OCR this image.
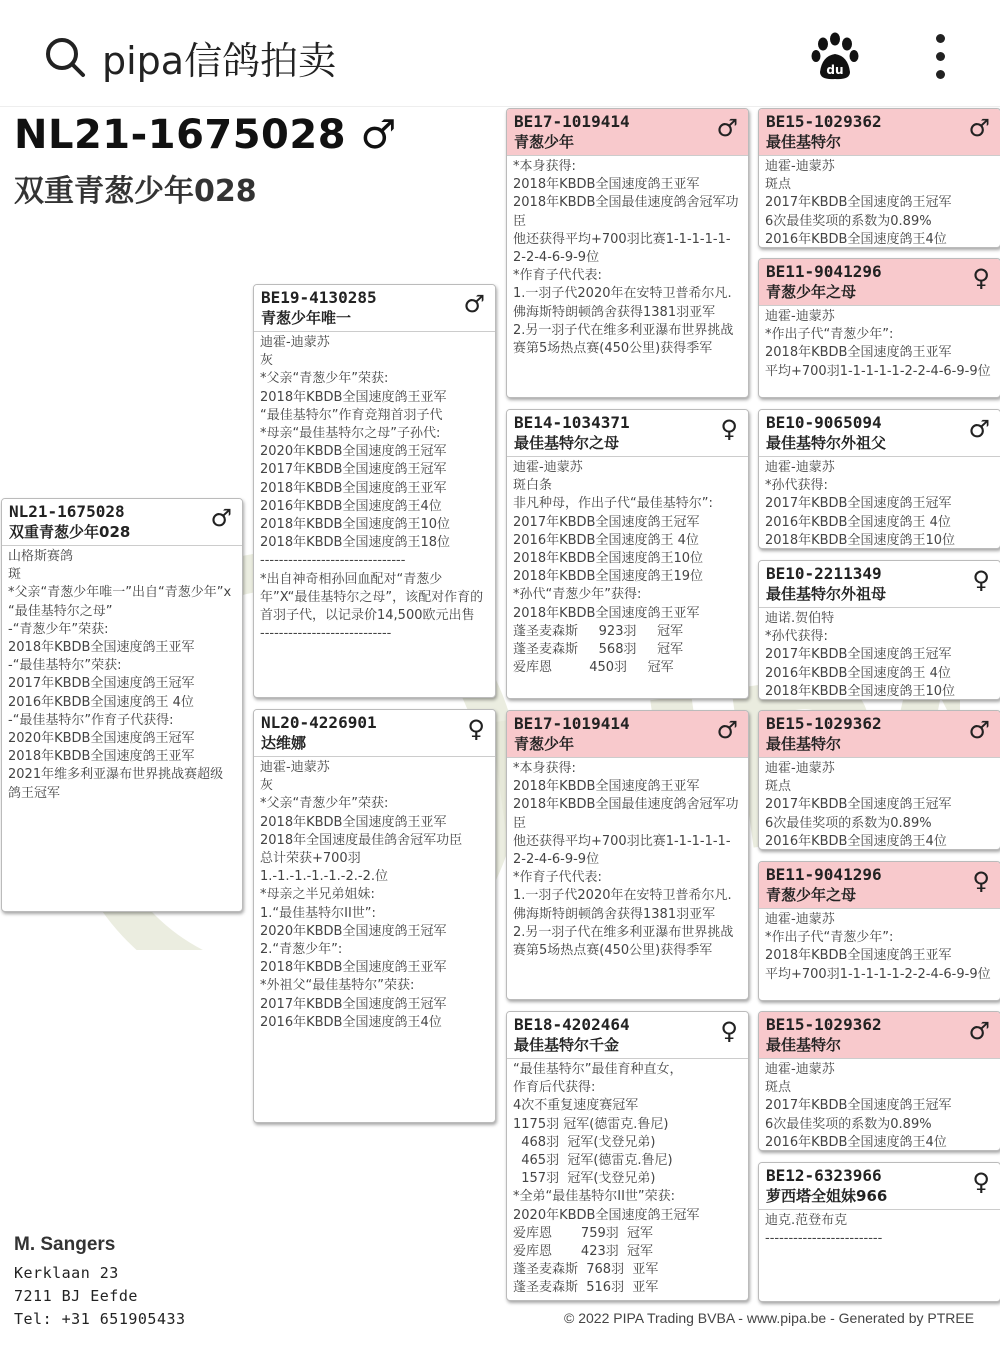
pipa信鸽拍卖	du
NL21-1675028 ♂
双重青葱少年028
NL21-1675028
双重青葱少年028	♂
山格斯赛鸽
斑
*父亲“青葱少年唯一”出自“青葱少年”x
“最佳基特尔之母”
-“青葱少年”荣获:
2018年KBDB全国速度鸽王亚军
-“最佳基特尔”荣获:
2017年KBDB全国速度鸽王冠军
2016年KBDB全国速度鸽王 4位
-“最佳基特尔”作育子代获得:
2020年KBDB全国速度鸽王冠军
2018年KBDB全国速度鸽王亚军
2021年维多利亚瀑布世界挑战赛超级鸽王冠军
BE19-4130285
青葱少年唯一	♂
迪霍-迪蒙苏
灰
*父亲“青葱少年”荣获:
2018年KBDB全国速度鸽王亚军
“最佳基特尔”作育竞翔首羽子代
*母亲“最佳基特尔之母”子孙代:
2020年KBDB全国速度鸽王冠军
2017年KBDB全国速度鸽王冠军
2018年KBDB全国速度鸽王亚军
2016年KBDB全国速度鸽王4位
2018年KBDB全国速度鸽王10位
2018年KBDB全国速度鸽王18位
-------------------------------
*出自神奇相孙回血配对“青葱少年”X“最佳基特尔之母”，该配对作育的首羽子代，以记录价14,500欧元出售
----------------------------
NL20-4226901
达维娜	♀
迪霍-迪蒙苏
灰
*父亲“青葱少年”荣获:
2018年KBDB全国速度鸽王亚军
2018年全国速度最佳鸽舍冠军功臣
总计荣获+700羽
1.-1.-1.-1.-1.-2.-2.位
*母亲之半兄弟姐妹:
1.“最佳基特尔II世”:
2020年KBDB全国速度鸽王冠军
2.“青葱少年”:
2018年KBDB全国速度鸽王亚军
*外祖父“最佳基特尔”荣获:
2017年KBDB全国速度鸽王冠军
2016年KBDB全国速度鸽王4位
BE17-1019414
青葱少年	♂
*本身获得:
2018年KBDB全国速度鸽王亚军
2018年KBDB全国最佳速度鸽舍冠军功臣
他还获得平均+700羽比赛1-1-1-1-1-2-2-4-6-9-9位
*作育子代代表:
1.一羽子代2020年在安特卫普希尔凡.佛海斯特朗顿鸽舍获得1381羽亚军
2.另一羽子代在维多利亚瀑布世界挑战赛第5场热点赛(450公里)获得季军
BE14-1034371
最佳基特尔之母	♀
迪霍-迪蒙苏
斑白条
非凡种母，作出子代“最佳基特尔”:
2017年KBDB全国速度鸽王冠军
2016年KBDB全国速度鸽王 4位
2018年KBDB全国速度鸽王10位
2018年KBDB全国速度鸽王19位
*孙代“青葱少年”获得:
2018年KBDB全国速度鸽王亚军
蓬圣麦森斯     923羽     冠军
蓬圣麦森斯     568羽     冠军
爱库恩         450羽     冠军
BE17-1019414
青葱少年	♂
*本身获得:
2018年KBDB全国速度鸽王亚军
2018年KBDB全国最佳速度鸽舍冠军功臣
他还获得平均+700羽比赛1-1-1-1-1-2-2-4-6-9-9位
*作育子代代表:
1.一羽子代2020年在安特卫普希尔凡.佛海斯特朗顿鸽舍获得1381羽亚军
2.另一羽子代在维多利亚瀑布世界挑战赛第5场热点赛(450公里)获得季军
BE18-4202464
最佳基特尔千金	♀
“最佳基特尔”最佳育种直女，
作育后代获得:
4次不重复速度赛冠军
1175羽 冠军(德雷克.鲁尼)
468羽  冠军(戈登兄弟)
465羽  冠军(德雷克.鲁尼)
157羽  冠军(戈登兄弟)
*全弟“最佳基特尔II世”荣获:
2020年KBDB全国速度鸽王冠军
爱库恩       759羽  冠军
爱库恩       423羽  冠军
蓬圣麦森斯  768羽  亚军
蓬圣麦森斯  516羽  亚军
BE15-1029362
最佳基特尔	♂
迪霍-迪蒙苏
斑点
2017年KBDB全国速度鸽王冠军
6次最佳奖项的系数为0.89%
2016年KBDB全国速度鸽王4位
BE11-9041296
青葱少年之母	♀
迪霍-迪蒙苏
*作出子代“青葱少年”:
2018年KBDB全国速度鸽王亚军
平均+700羽1-1-1-1-1-2-2-4-6-9-9位
BE10-9065094
最佳基特尔外祖父	♂
迪霍-迪蒙苏
*孙代获得:
2017年KBDB全国速度鸽王冠军
2016年KBDB全国速度鸽王 4位
2018年KBDB全国速度鸽王10位
BE10-2211349
最佳基特尔外祖母	♀
迪诺.贺伯特
*孙代获得:
2017年KBDB全国速度鸽王冠军
2016年KBDB全国速度鸽王 4位
2018年KBDB全国速度鸽王10位
BE15-1029362
最佳基特尔	♂
迪霍-迪蒙苏
斑点
2017年KBDB全国速度鸽王冠军
6次最佳奖项的系数为0.89%
2016年KBDB全国速度鸽王4位
BE11-9041296
青葱少年之母	♀
迪霍-迪蒙苏
*作出子代“青葱少年”:
2018年KBDB全国速度鸽王亚军
平均+700羽1-1-1-1-1-2-2-4-6-9-9位
BE15-1029362
最佳基特尔	♂
迪霍-迪蒙苏
斑点
2017年KBDB全国速度鸽王冠军
6次最佳奖项的系数为0.89%
2016年KBDB全国速度鸽王4位
BE12-6323966
萝西塔全姐妹966	♀
迪克.范登布克
-------------------------
M. Sangers
Kerklaan 23
7211 BJ Eefde
Tel: +31 651905433	© 2022 PIPA Trading BVBA - www.pipa.be - Generated by PTREE
